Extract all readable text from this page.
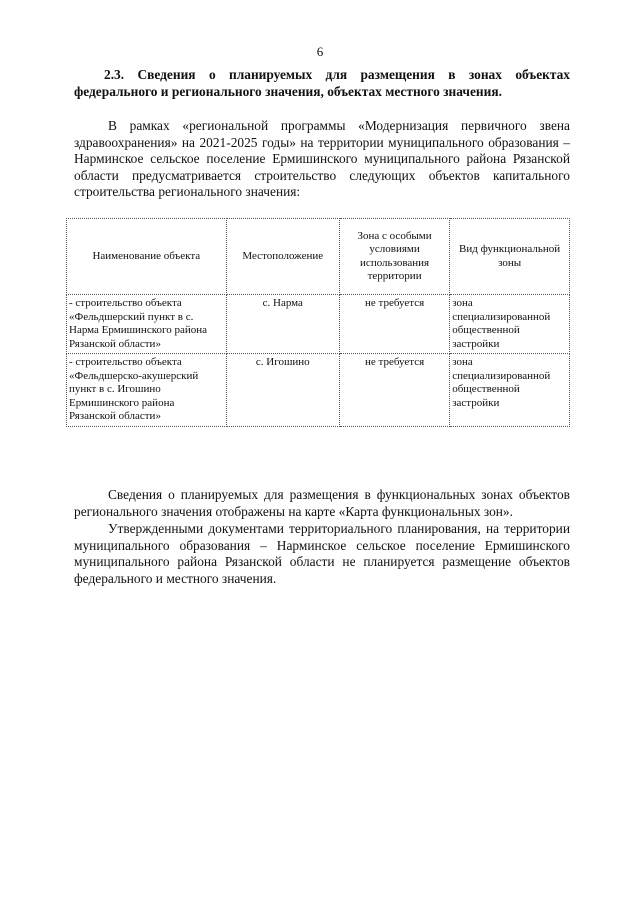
6
2.3. Сведения о планируемых для размещения в зонах объектах федерального и регионального значения, объектах местного значения.

В рамках «региональной программы «Модернизация первичного звена здравоохранения» на 2021-2025 годы» на территории муниципального образования – Нарминское сельское поселение Ермишинского муниципального района Рязанской области предусматривается строительство следующих объектов капитального строительства регионального значения:

Наименование объекта	Местоположение	Зона с особыми условиями использования территории	Вид функциональной зоны
- строительство объекта «Фельдшерский пункт в с. Нарма Ермишинского района Рязанской области»	с. Нарма	не требуется	зона специализированной общественной застройки
- строительство объекта «Фельдшерско-акушерский пункт в с. Игошино Ермишинского района Рязанской области»	с. Игошино	не требуется	зона специализированной общественной застройки

Сведения о планируемых для размещения в функциональных зонах объектов регионального значения отображены на карте «Карта функциональных зон».

Утвержденными документами территориального планирования, на территории муниципального образования – Нарминское сельское поселение Ермишинского муниципального района Рязанской области не планируется размещение объектов федерального и местного значения.
